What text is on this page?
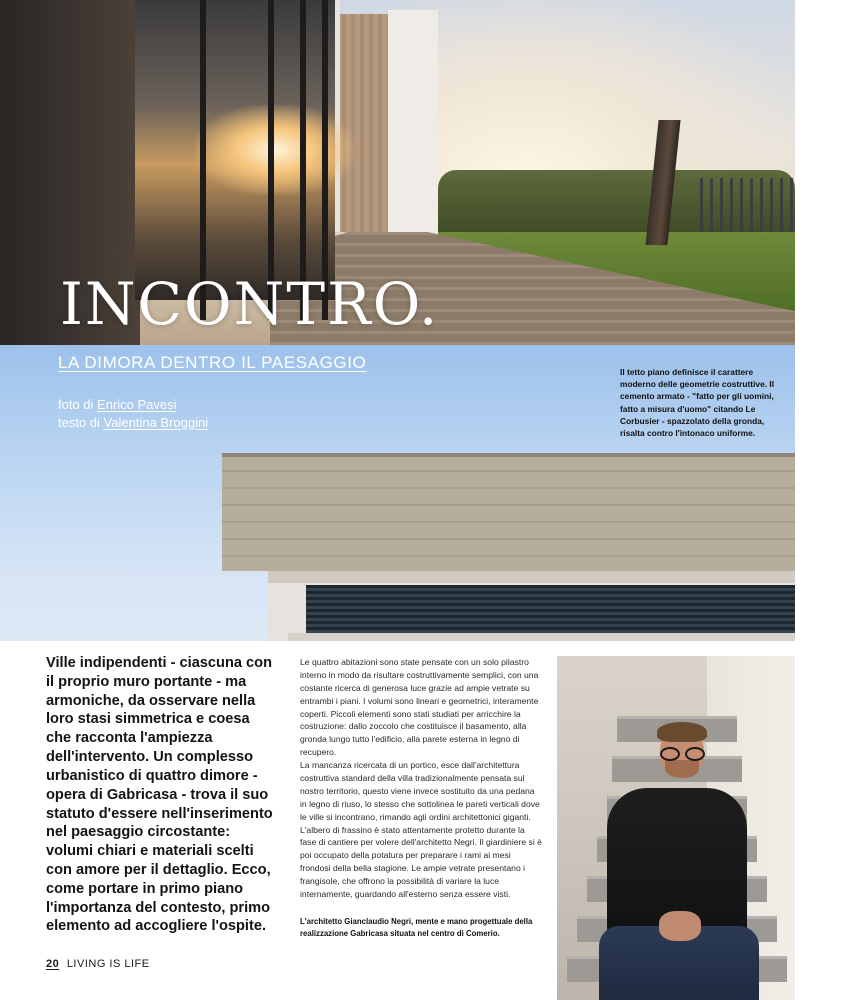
INCONTRO.
LA DIMORA DENTRO IL PAESAGGIO
foto di Enrico Pavesi
testo di Valentina Broggini

Il tetto piano definisce il carattere moderno delle geometrie costruttive. Il cemento armato - "fatto per gli uomini, fatto a misura d'uomo" citando Le Corbusier - spazzolato della gronda, risalta contro l'intonaco uniforme.

Ville indipendenti - ciascuna con il proprio muro portante - ma armoniche, da osservare nella loro stasi simmetrica e coesa che racconta l'ampiezza dell'intervento. Un complesso urbanistico di quattro dimore - opera di Gabricasa - trova il suo statuto d'essere nell'inserimento nel paesaggio circostante: volumi chiari e materiali scelti con amore per il dettaglio. Ecco, come portare in primo piano l'importanza del contesto, primo elemento ad accogliere l'ospite.

Le quattro abitazioni sono state pensate con un solo pilastro interno in modo da risultare costruttivamente semplici, con una costante ricerca di generosa luce grazie ad ampie vetrate su entrambi i piani. I volumi sono lineari e geometrici, interamente coperti. Piccoli elementi sono stati studiati per arricchire la costruzione: dallo zoccolo che costituisce il basamento, alla gronda lungo tutto l'edificio, alla parete esterna in legno di recupero.

La mancanza ricercata di un portico, esce dall'architettura costruttiva standard della villa tradizionalmente pensata sul nostro territorio, questo viene invece sostituito da una pedana in legno di riuso, lo stesso che sottolinea le pareti verticali dove le ville si incontrano, rimando agli ordini architettonici giganti.

L'albero di frassino è stato attentamente protetto durante la fase di cantiere per volere dell'architetto Negri. Il giardiniere si è poi occupato della potatura per preparare i rami ai mesi frondosi della bella stagione. Le ampie vetrate presentano i frangisole, che offrono la possibilità di variare la luce internamente, guardando all'esterno senza essere visti.

L'architetto Gianclaudio Negri, mente e mano progettuale della realizzazione Gabricasa situata nel centro di Comerio.

20 LIVING IS LIFE
